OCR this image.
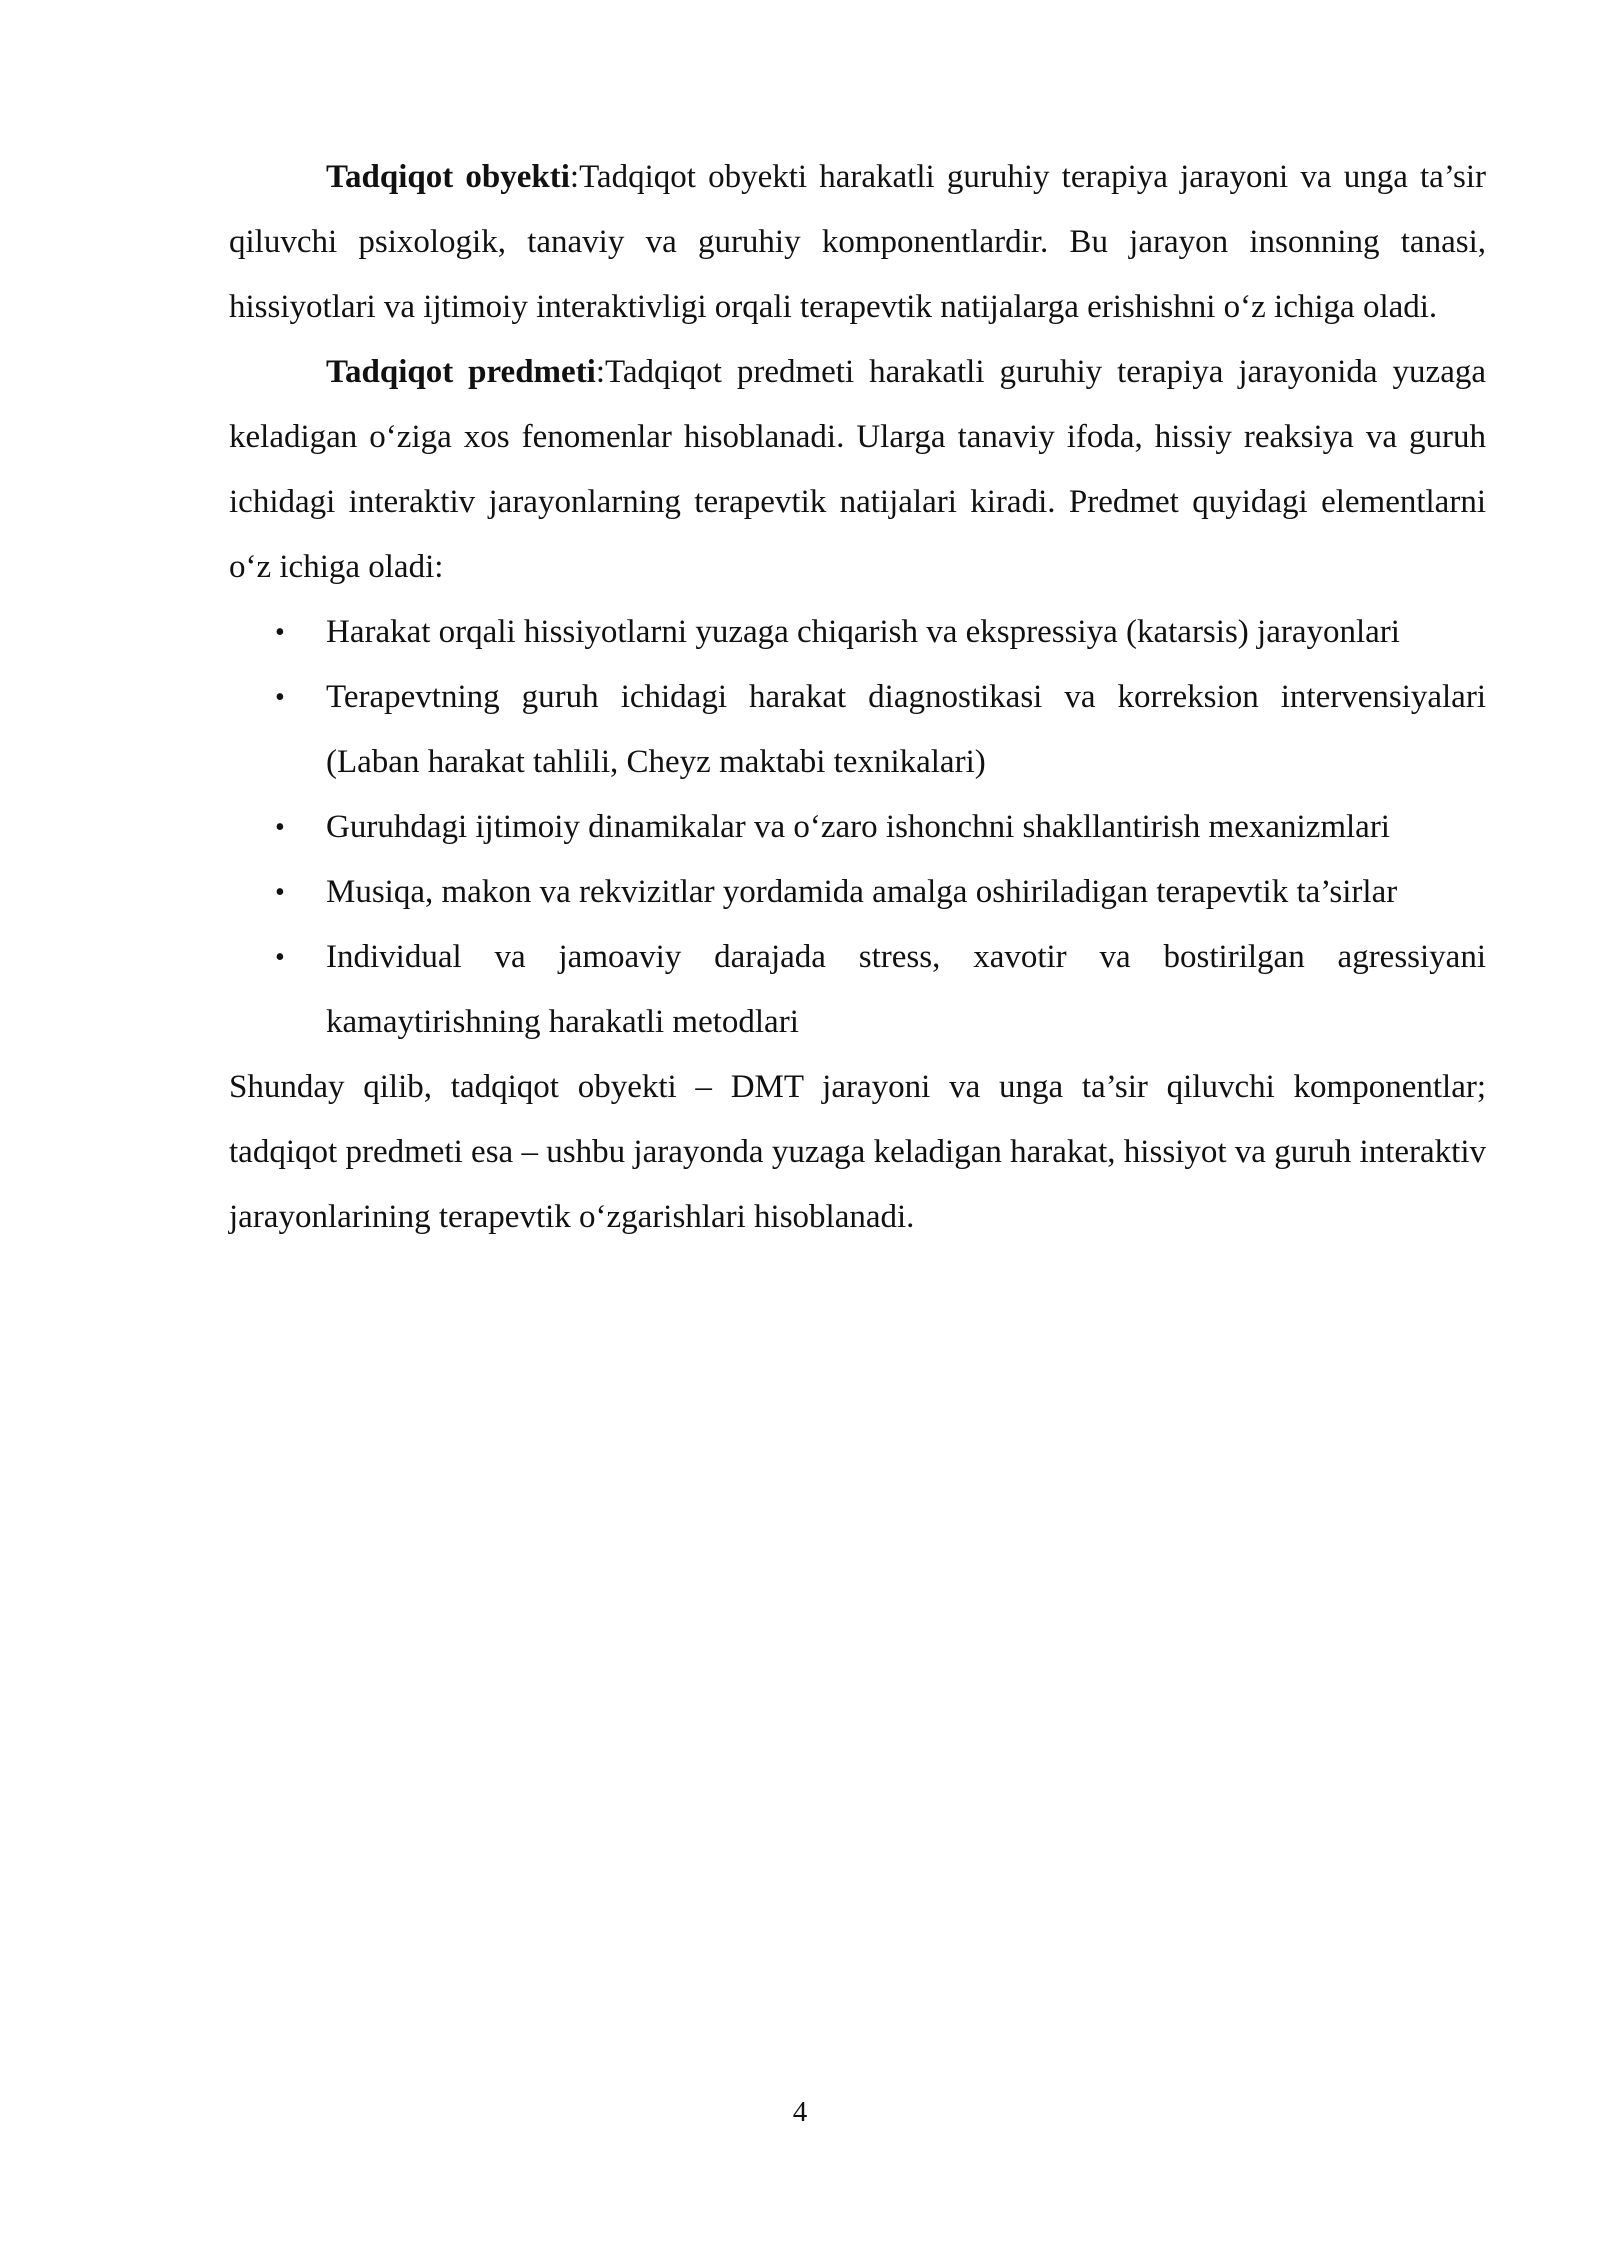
Tadqiqot obyekti:Tadqiqot obyekti harakatli guruhiy terapiya jarayoni va unga ta’sir qiluvchi psixologik, tanaviy va guruhiy komponentlardir. Bu jarayon insonning tanasi, hissiyotlari va ijtimoiy interaktivligi orqali terapevtik natijalarga erishishni o‘z ichiga oladi.

Tadqiqot predmeti:Tadqiqot predmeti harakatli guruhiy terapiya jarayonida yuzaga keladigan o‘ziga xos fenomenlar hisoblanadi. Ularga tanaviy ifoda, hissiy reaksiya va guruh ichidagi interaktiv jarayonlarning terapevtik natijalari kiradi. Predmet quyidagi elementlarni o‘z ichiga oladi:

• Harakat orqali hissiyotlarni yuzaga chiqarish va ekspressiya (katarsis) jarayonlari
• Terapevtning guruh ichidagi harakat diagnostikasi va korreksion intervensiyalari (Laban harakat tahlili, Cheyz maktabi texnikalari)
• Guruhdagi ijtimoiy dinamikalar va o‘zaro ishonchni shakllantirish mexanizmlari
• Musiqa, makon va rekvizitlar yordamida amalga oshiriladigan terapevtik ta’sirlar
• Individual va jamoaviy darajada stress, xavotir va bostirilgan agressiyani kamaytirishning harakatli metodlari

Shunday qilib, tadqiqot obyekti – DMT jarayoni va unga ta’sir qiluvchi komponentlar; tadqiqot predmeti esa – ushbu jarayonda yuzaga keladigan harakat, hissiyot va guruh interaktiv jarayonlarining terapevtik o‘zgarishlari hisoblanadi.

4
